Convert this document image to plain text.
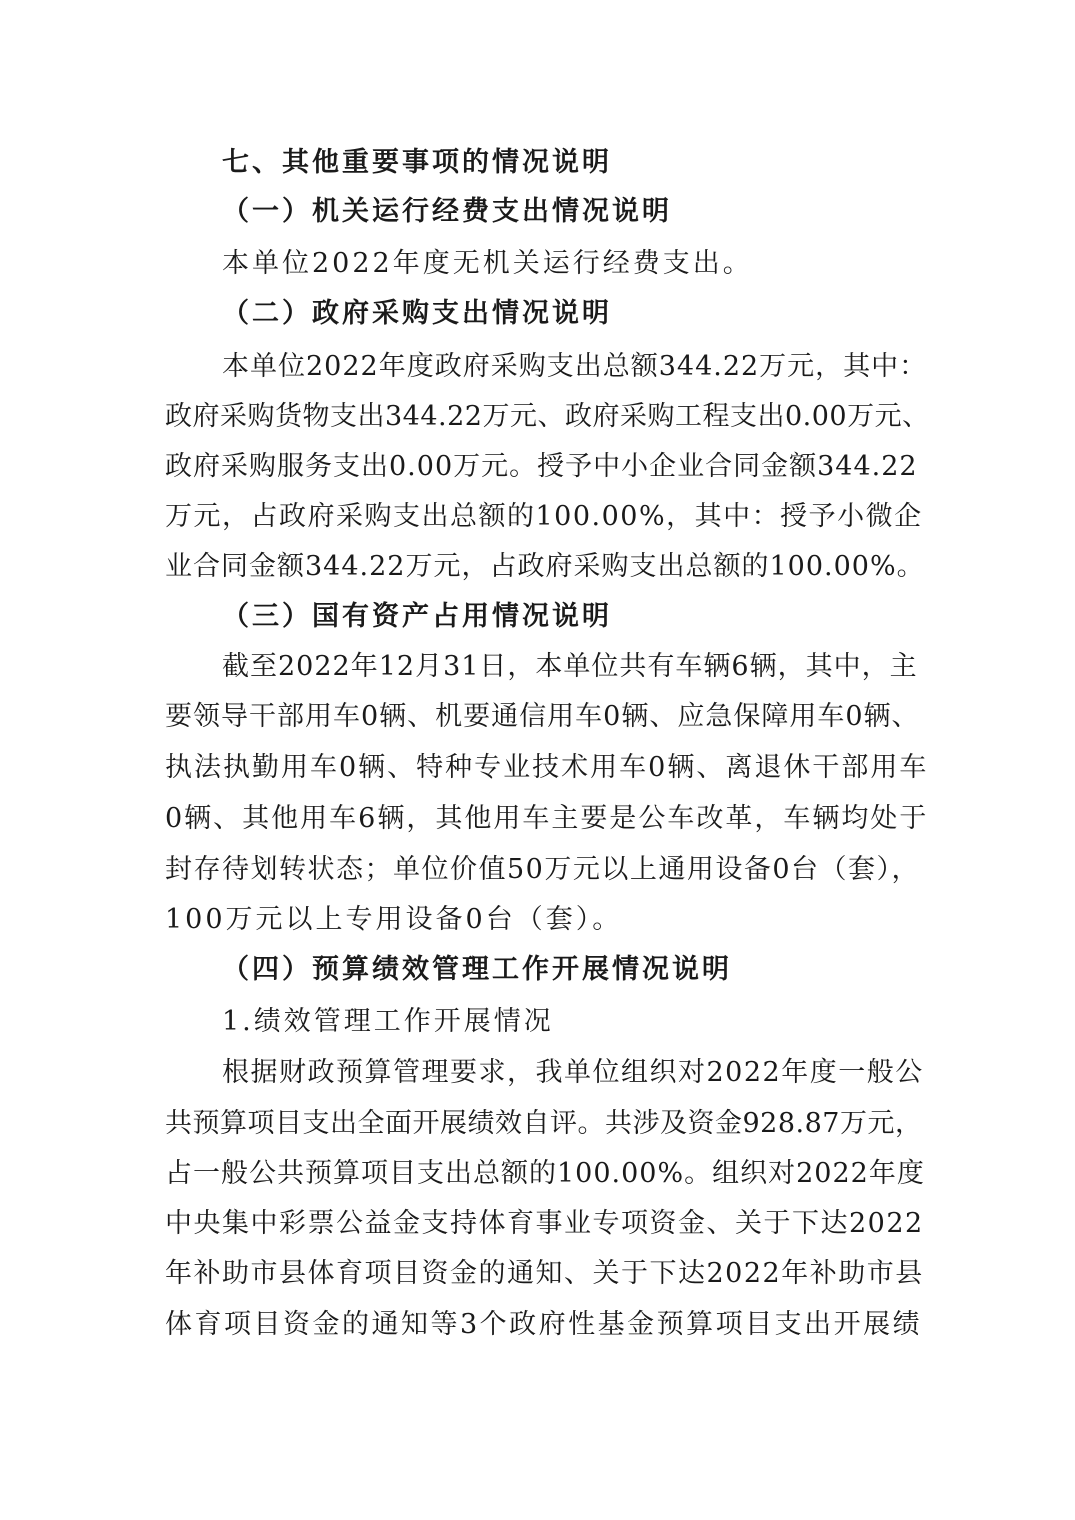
七、其他重要事项的情况说明
（一）机关运行经费支出情况说明
本单位2022年度无机关运行经费支出。
（二）政府采购支出情况说明
本单位2022年度政府采购支出总额344.22万元，其中：
政府采购货物支出344.22万元、政府采购工程支出0.00万元、
政府采购服务支出0.00万元。授予中小企业合同金额344.22
万元，占政府采购支出总额的100.00%，其中：授予小微企
业合同金额344.22万元，占政府采购支出总额的100.00%。
（三）国有资产占用情况说明
截至2022年12月31日，本单位共有车辆6辆，其中，主
要领导干部用车0辆、机要通信用车0辆、应急保障用车0辆、
执法执勤用车0辆、特种专业技术用车0辆、离退休干部用车
0辆、其他用车6辆，其他用车主要是公车改革，车辆均处于
封存待划转状态；单位价值50万元以上通用设备0台（套），
100万元以上专用设备0台（套）。
（四）预算绩效管理工作开展情况说明
1.绩效管理工作开展情况
根据财政预算管理要求，我单位组织对2022年度一般公
共预算项目支出全面开展绩效自评。共涉及资金928.87万元，
占一般公共预算项目支出总额的100.00%。组织对2022年度
中央集中彩票公益金支持体育事业专项资金、关于下达2022
年补助市县体育项目资金的通知、关于下达2022年补助市县
体育项目资金的通知等3个政府性基金预算项目支出开展绩
